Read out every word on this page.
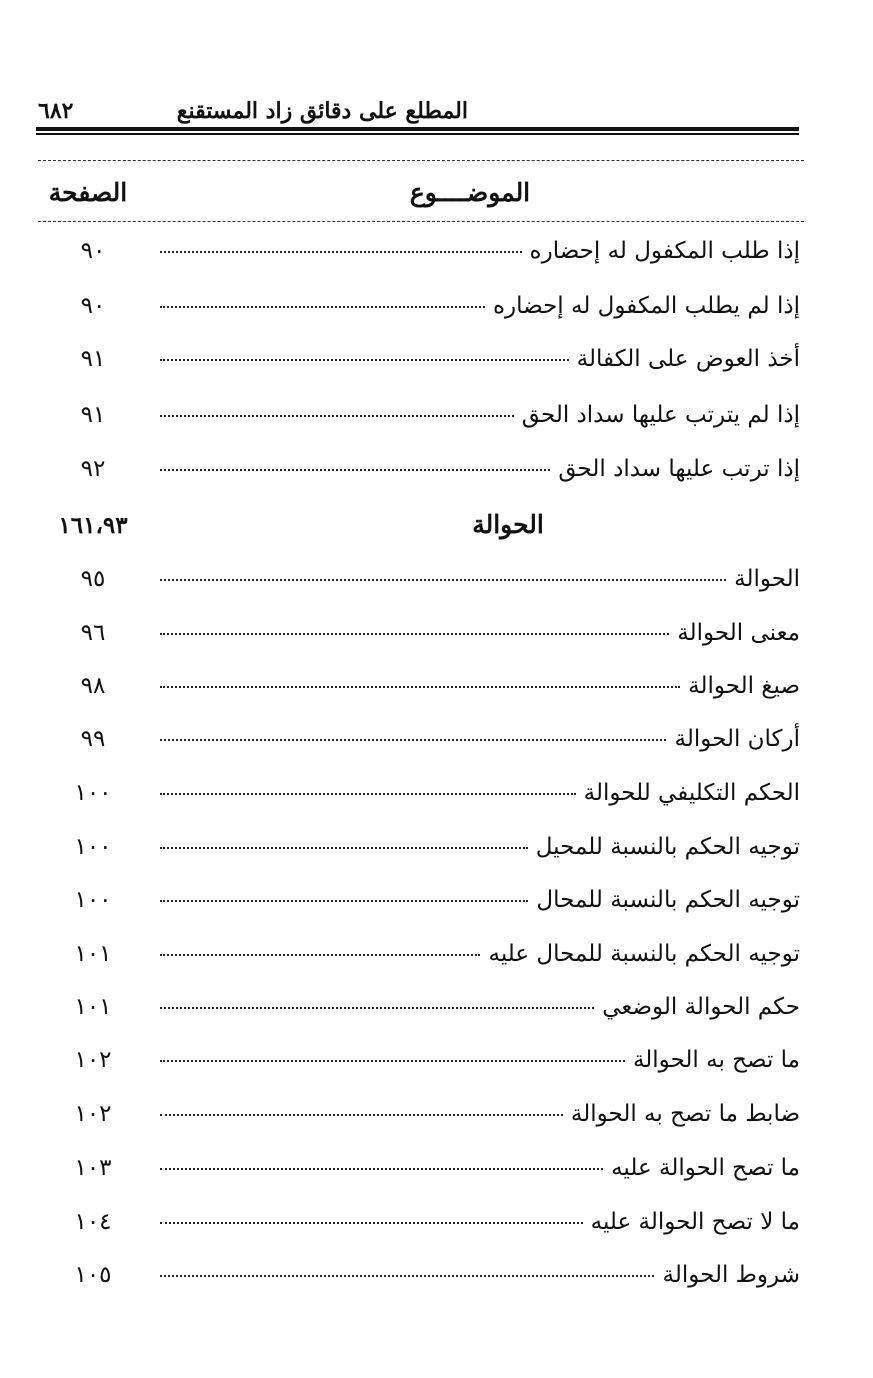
المطلع على دقائق زاد المستقنع
٦٨٢
الموضــــوع
الصفحة
إذا طلب المكفول له إحضاره
٩٠
إذا لم يطلب المكفول له إحضاره
٩٠
أخذ العوض على الكفالة
٩١
إذا لم يترتب عليها سداد الحق
٩١
إذا ترتب عليها سداد الحق
٩٢
الحوالة
١٦١،٩٣
الحوالة
٩٥
معنى الحوالة
٩٦
صيغ الحوالة
٩٨
أركان الحوالة
٩٩
الحكم التكليفي للحوالة
١٠٠
توجيه الحكم بالنسبة للمحيل
١٠٠
توجيه الحكم بالنسبة للمحال
١٠٠
توجيه الحكم بالنسبة للمحال عليه
١٠١
حكم الحوالة الوضعي
١٠١
ما تصح به الحوالة
١٠٢
ضابط ما تصح به الحوالة
١٠٢
ما تصح الحوالة عليه
١٠٣
ما لا تصح الحوالة عليه
١٠٤
شروط الحوالة
١٠٥
